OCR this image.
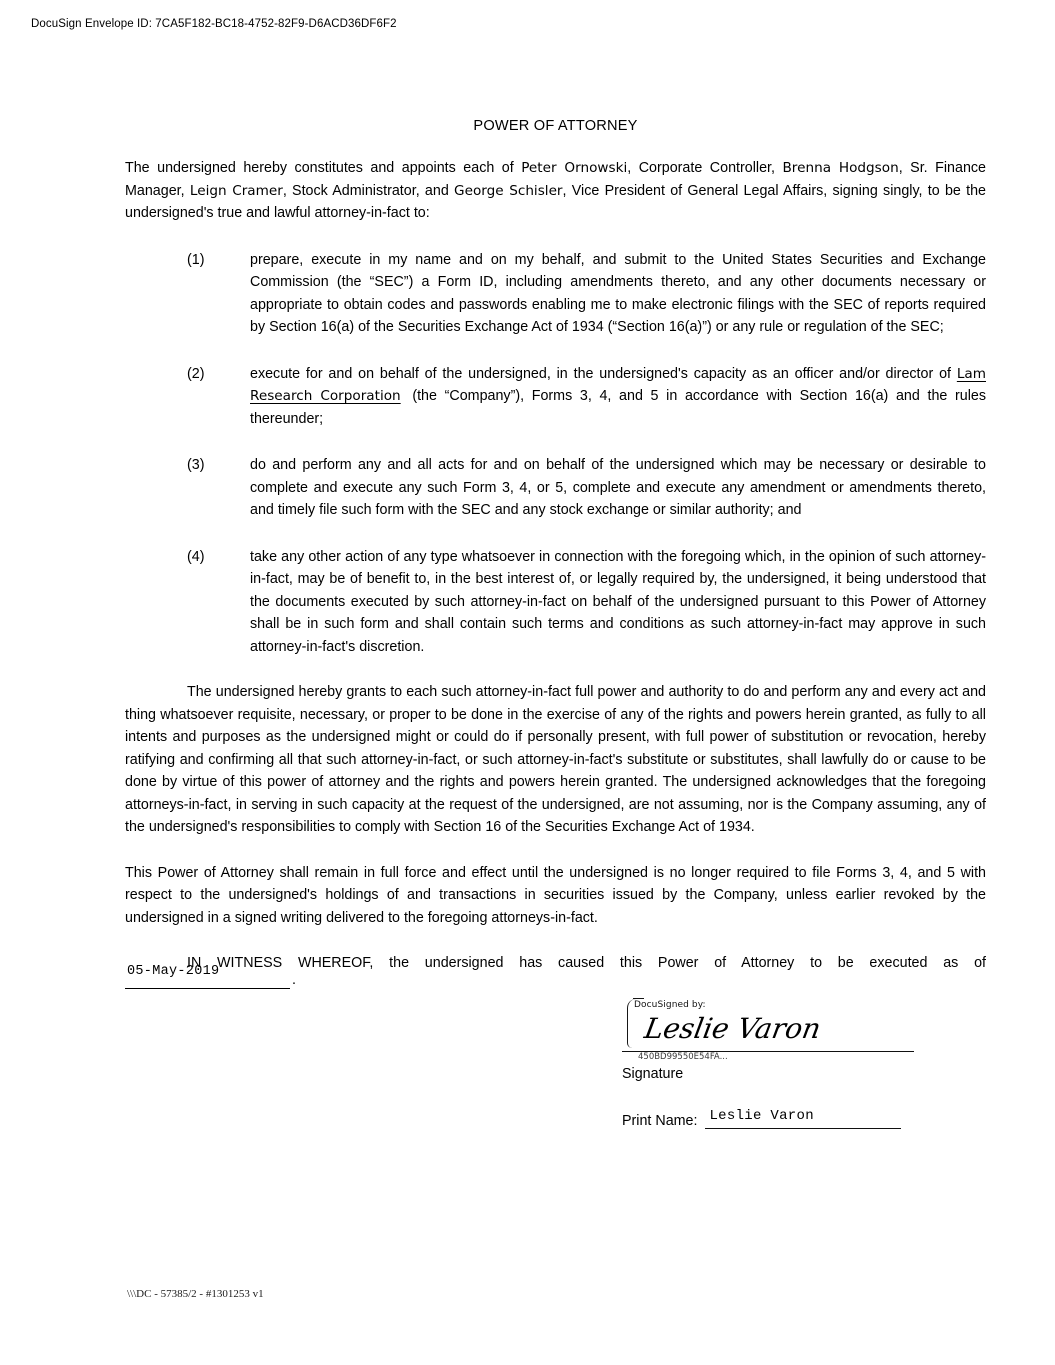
DocuSign Envelope ID: 7CA5F182-BC18-4752-82F9-D6ACD36DF6F2
POWER OF ATTORNEY

The undersigned hereby constitutes and appoints each of Peter Ornowski, Corporate Controller, Brenna Hodgson, Sr. Finance Manager, Leign Cramer, Stock Administrator, and George Schisler, Vice President of General Legal Affairs, signing singly, to be the undersigned's true and lawful attorney-in-fact to:

(1)	prepare, execute in my name and on my behalf, and submit to the United States Securities and Exchange Commission (the “SEC”) a Form ID, including amendments thereto, and any other documents necessary or appropriate to obtain codes and passwords enabling me to make electronic filings with the SEC of reports required by Section 16(a) of the Securities Exchange Act of 1934 (“Section 16(a)”) or any rule or regulation of the SEC;
(2)	execute for and on behalf of the undersigned, in the undersigned's capacity as an officer and/or director of Lam Research Corporation (the “Company”), Forms 3, 4, and 5 in accordance with Section 16(a) and the rules thereunder;
(3)	do and perform any and all acts for and on behalf of the undersigned which may be necessary or desirable to complete and execute any such Form 3, 4, or 5, complete and execute any amendment or amendments thereto, and timely file such form with the SEC and any stock exchange or similar authority; and
(4)	take any other action of any type whatsoever in connection with the foregoing which, in the opinion of such attorney-in-fact, may be of benefit to, in the best interest of, or legally required by, the undersigned, it being understood that the documents executed by such attorney-in-fact on behalf of the undersigned pursuant to this Power of Attorney shall be in such form and shall contain such terms and conditions as such attorney-in-fact may approve in such attorney-in-fact's discretion.

The undersigned hereby grants to each such attorney-in-fact full power and authority to do and perform any and every act and thing whatsoever requisite, necessary, or proper to be done in the exercise of any of the rights and powers herein granted, as fully to all intents and purposes as the undersigned might or could do if personally present, with full power of substitution or revocation, hereby ratifying and confirming all that such attorney-in-fact, or such attorney-in-fact's substitute or substitutes, shall lawfully do or cause to be done by virtue of this power of attorney and the rights and powers herein granted. The undersigned acknowledges that the foregoing attorneys-in-fact, in serving in such capacity at the request of the undersigned, are not assuming, nor is the Company assuming, any of the undersigned's responsibilities to comply with Section 16 of the Securities Exchange Act of 1934.

This Power of Attorney shall remain in full force and effect until the undersigned is no longer required to file Forms 3, 4, and 5 with respect to the undersigned's holdings of and transactions in securities issued by the Company, unless earlier revoked by the undersigned in a signed writing delivered to the foregoing attorneys-in-fact.

IN WITNESS WHEREOF, the undersigned has caused this Power of Attorney to be executed as of
05-May-2019
.
DocuSigned by:
Leslie Varon
450BD99550E54FA...
Signature
Print Name: Leslie Varon
\\\DC - 57385/2 - #1301253 v1
